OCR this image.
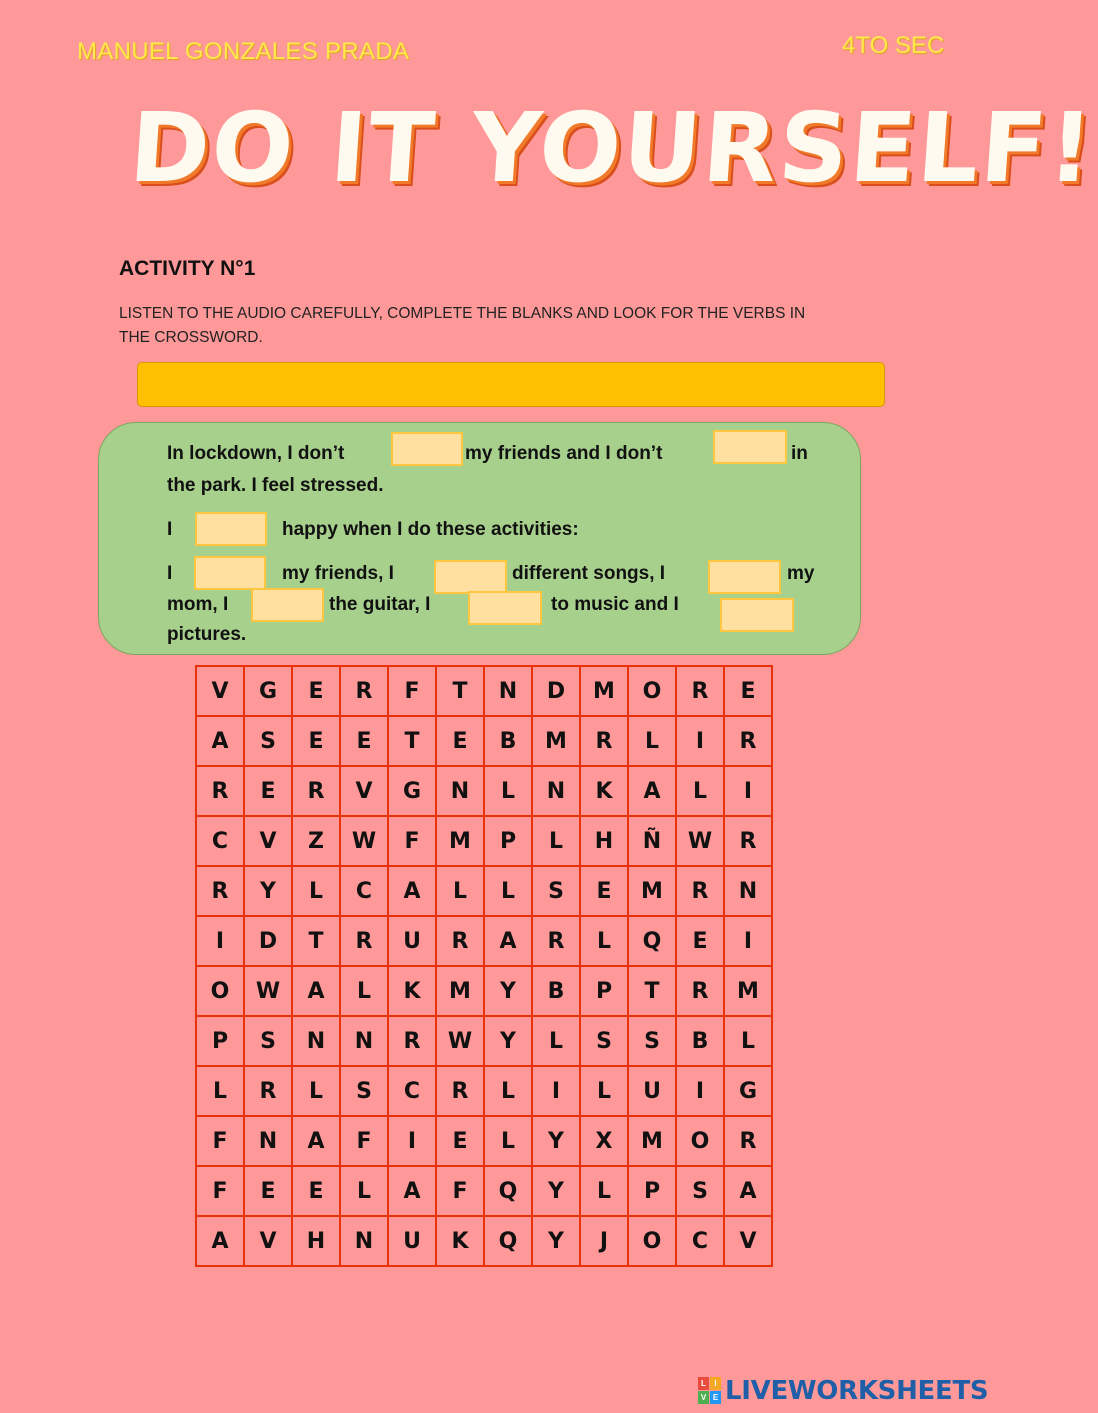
MANUEL GONZALES PRADA	4TO SEC
DO IT YOURSELF!
ACTIVITY N°1
LISTEN TO THE AUDIO CAREFULLY, COMPLETE THE BLANKS AND LOOK FOR THE VERBS IN THE CROSSWORD.
In lockdown, I don’t	my friends and I don’t	in
the park. I feel stressed.
I	happy when I do these activities:
I	my friends, I	different songs, I	my
mom, I	the guitar, I	to music and I
pictures.
V	G	E	R	F	T	N	D	M	O	R	E
A	S	E	E	T	E	B	M	R	L	I	R
R	E	R	V	G	N	L	N	K	A	L	I
C	V	Z	W	F	M	P	L	H	Ñ	W	R
R	Y	L	C	A	L	L	S	E	M	R	N
I	D	T	R	U	R	A	R	L	Q	E	I
O	W	A	L	K	M	Y	B	P	T	R	M
P	S	N	N	R	W	Y	L	S	S	B	L
L	R	L	S	C	R	L	I	L	U	I	G
F	N	A	F	I	E	L	Y	X	M	O	R
F	E	E	L	A	F	Q	Y	L	P	S	A
A	V	H	N	U	K	Q	Y	J	O	C	V
L	I
V E LIVEWORKSHEETS
